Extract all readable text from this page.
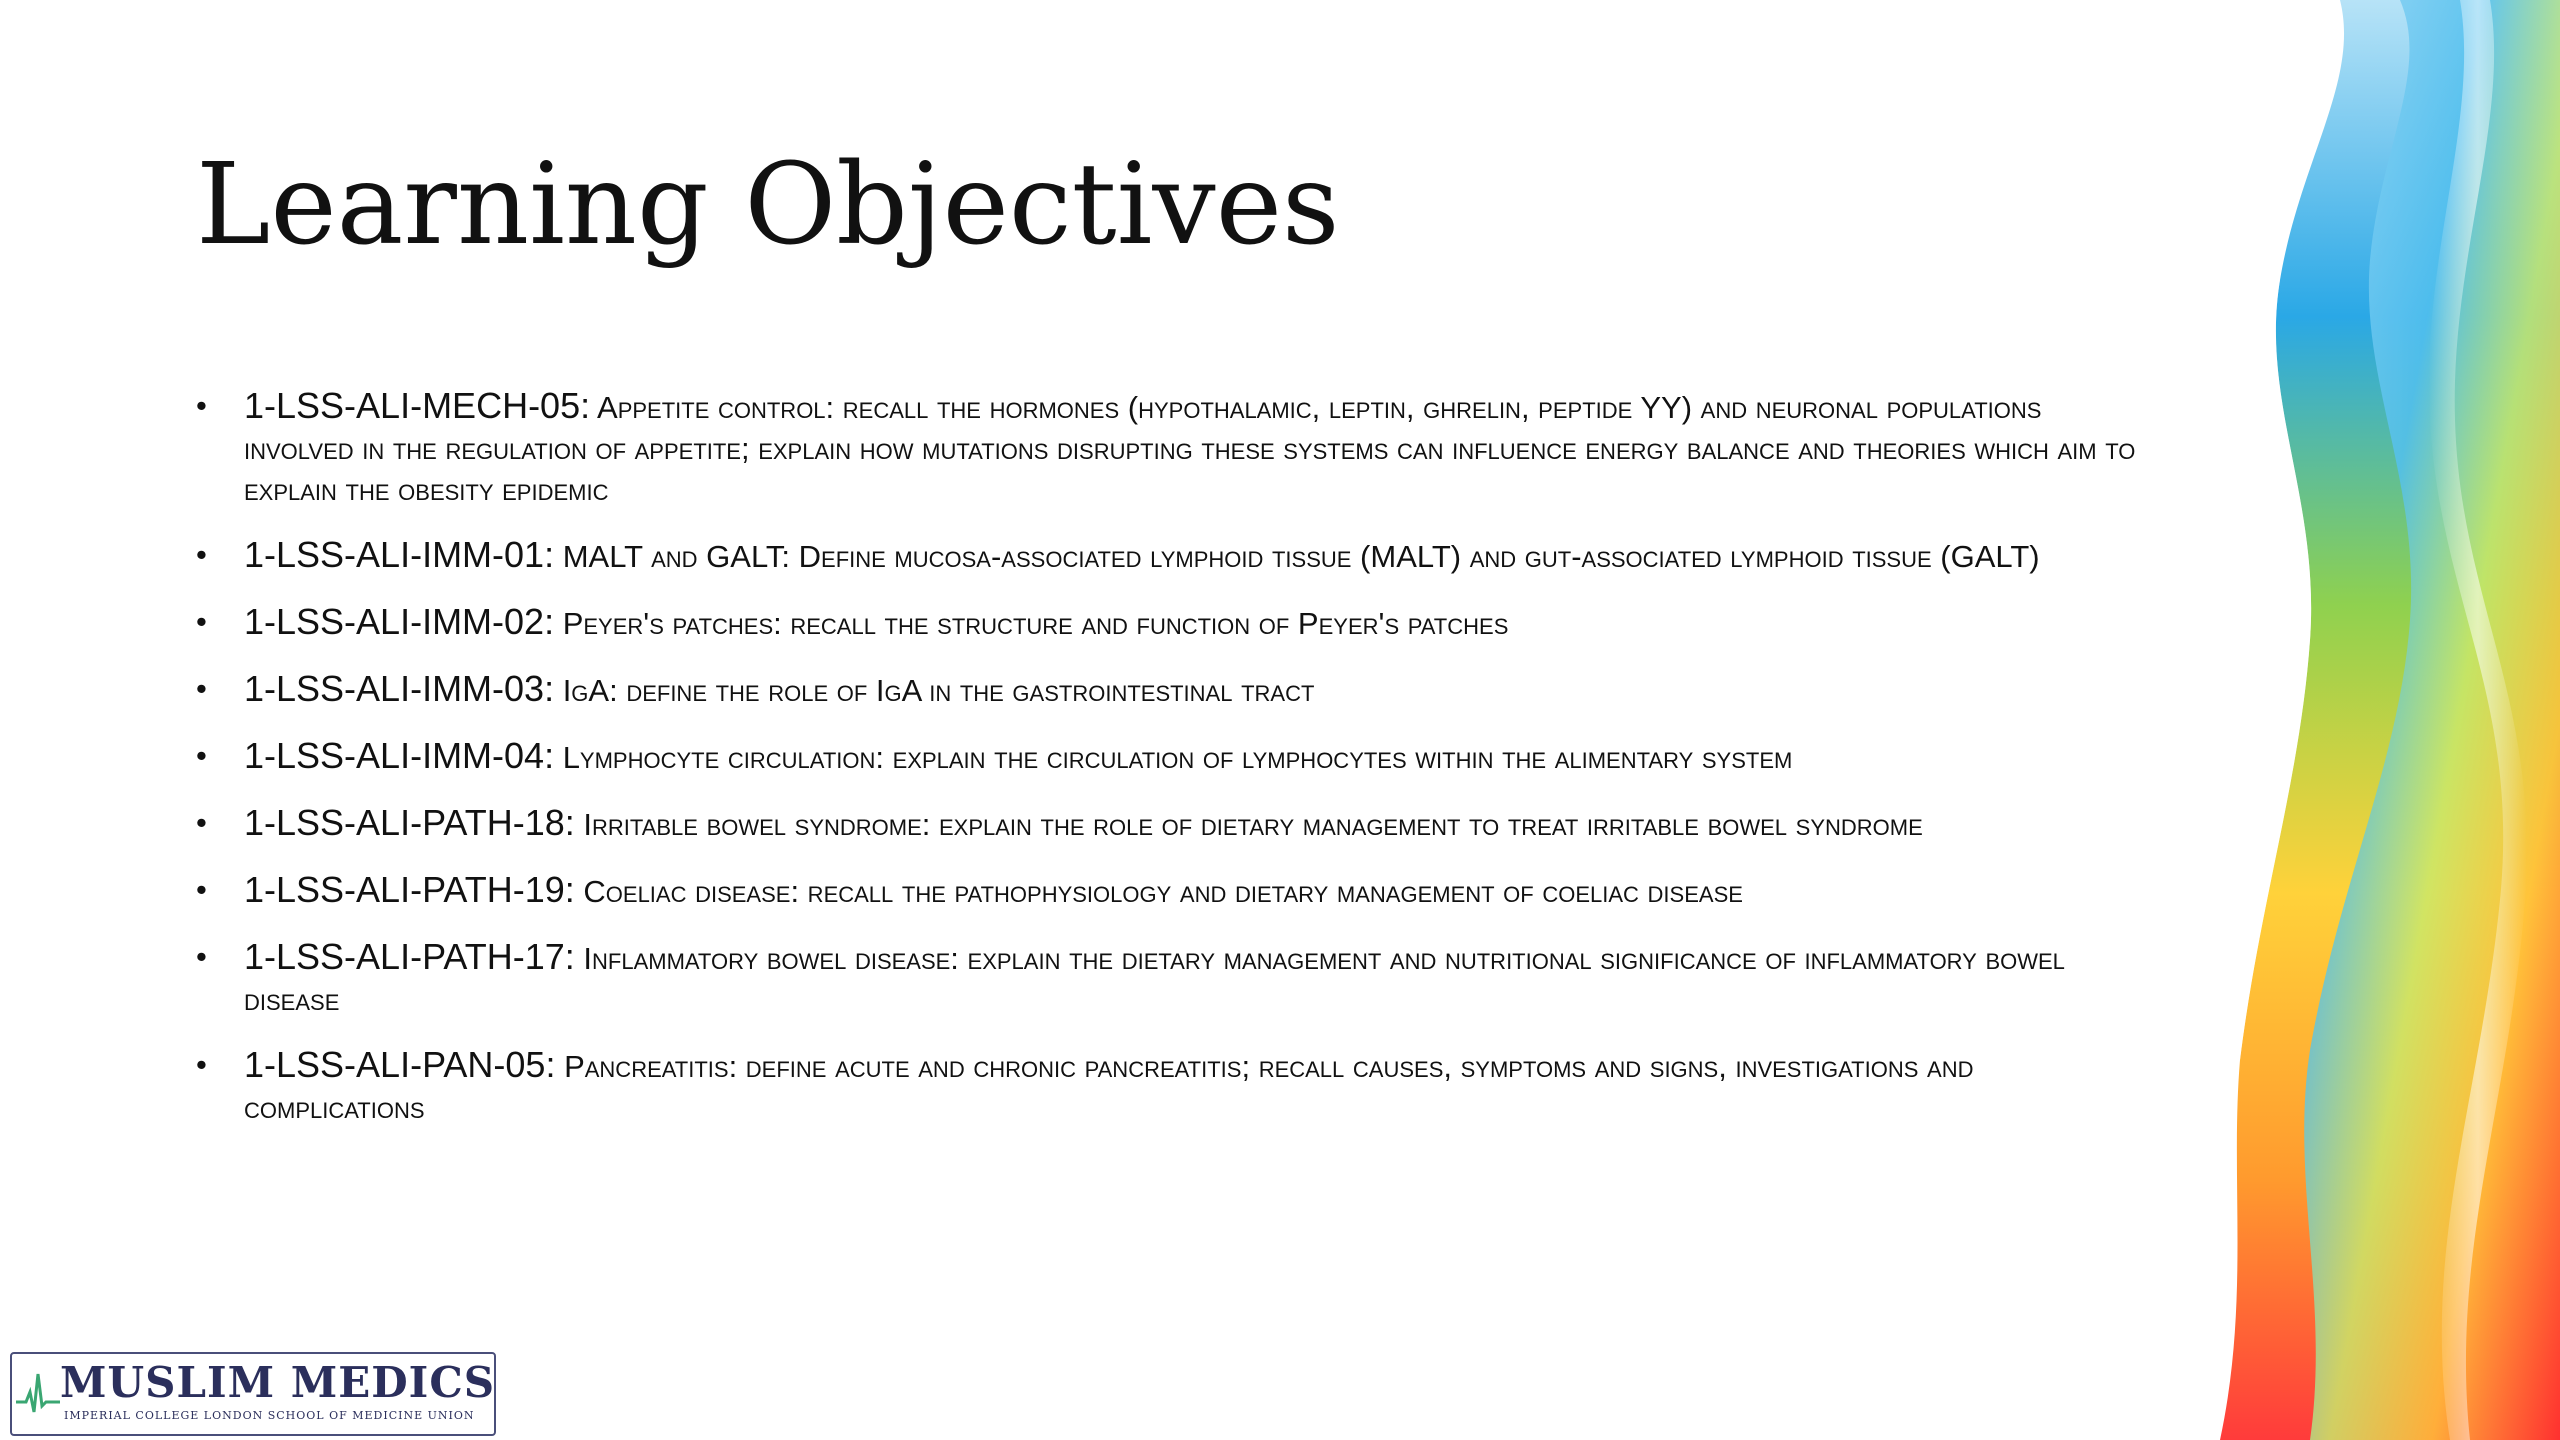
Learning Objectives
• 1-LSS-ALI-MECH-05: Appetite control: recall the hormones (hypothalamic, leptin, ghrelin, peptide YY) and neuronal populations involved in the regulation of appetite; explain how mutations disrupting these systems can influence energy balance and theories which aim to explain the obesity epidemic
• 1-LSS-ALI-IMM-01: MALT and GALT: Define mucosa-associated lymphoid tissue (MALT) and gut-associated lymphoid tissue (GALT)
• 1-LSS-ALI-IMM-02: Peyer's patches: recall the structure and function of Peyer's patches
• 1-LSS-ALI-IMM-03: IgA: define the role of IgA in the gastrointestinal tract
• 1-LSS-ALI-IMM-04: Lymphocyte circulation: explain the circulation of lymphocytes within the alimentary system
• 1-LSS-ALI-PATH-18: Irritable bowel syndrome: explain the role of dietary management to treat irritable bowel syndrome
• 1-LSS-ALI-PATH-19: Coeliac disease: recall the pathophysiology and dietary management of coeliac disease
• 1-LSS-ALI-PATH-17: Inflammatory bowel disease: explain the dietary management and nutritional significance of inflammatory bowel disease
• 1-LSS-ALI-PAN-05: Pancreatitis: define acute and chronic pancreatitis; recall causes, symptoms and signs, investigations and complications
MUSLIM MEDICS
IMPERIAL COLLEGE LONDON SCHOOL OF MEDICINE UNION
